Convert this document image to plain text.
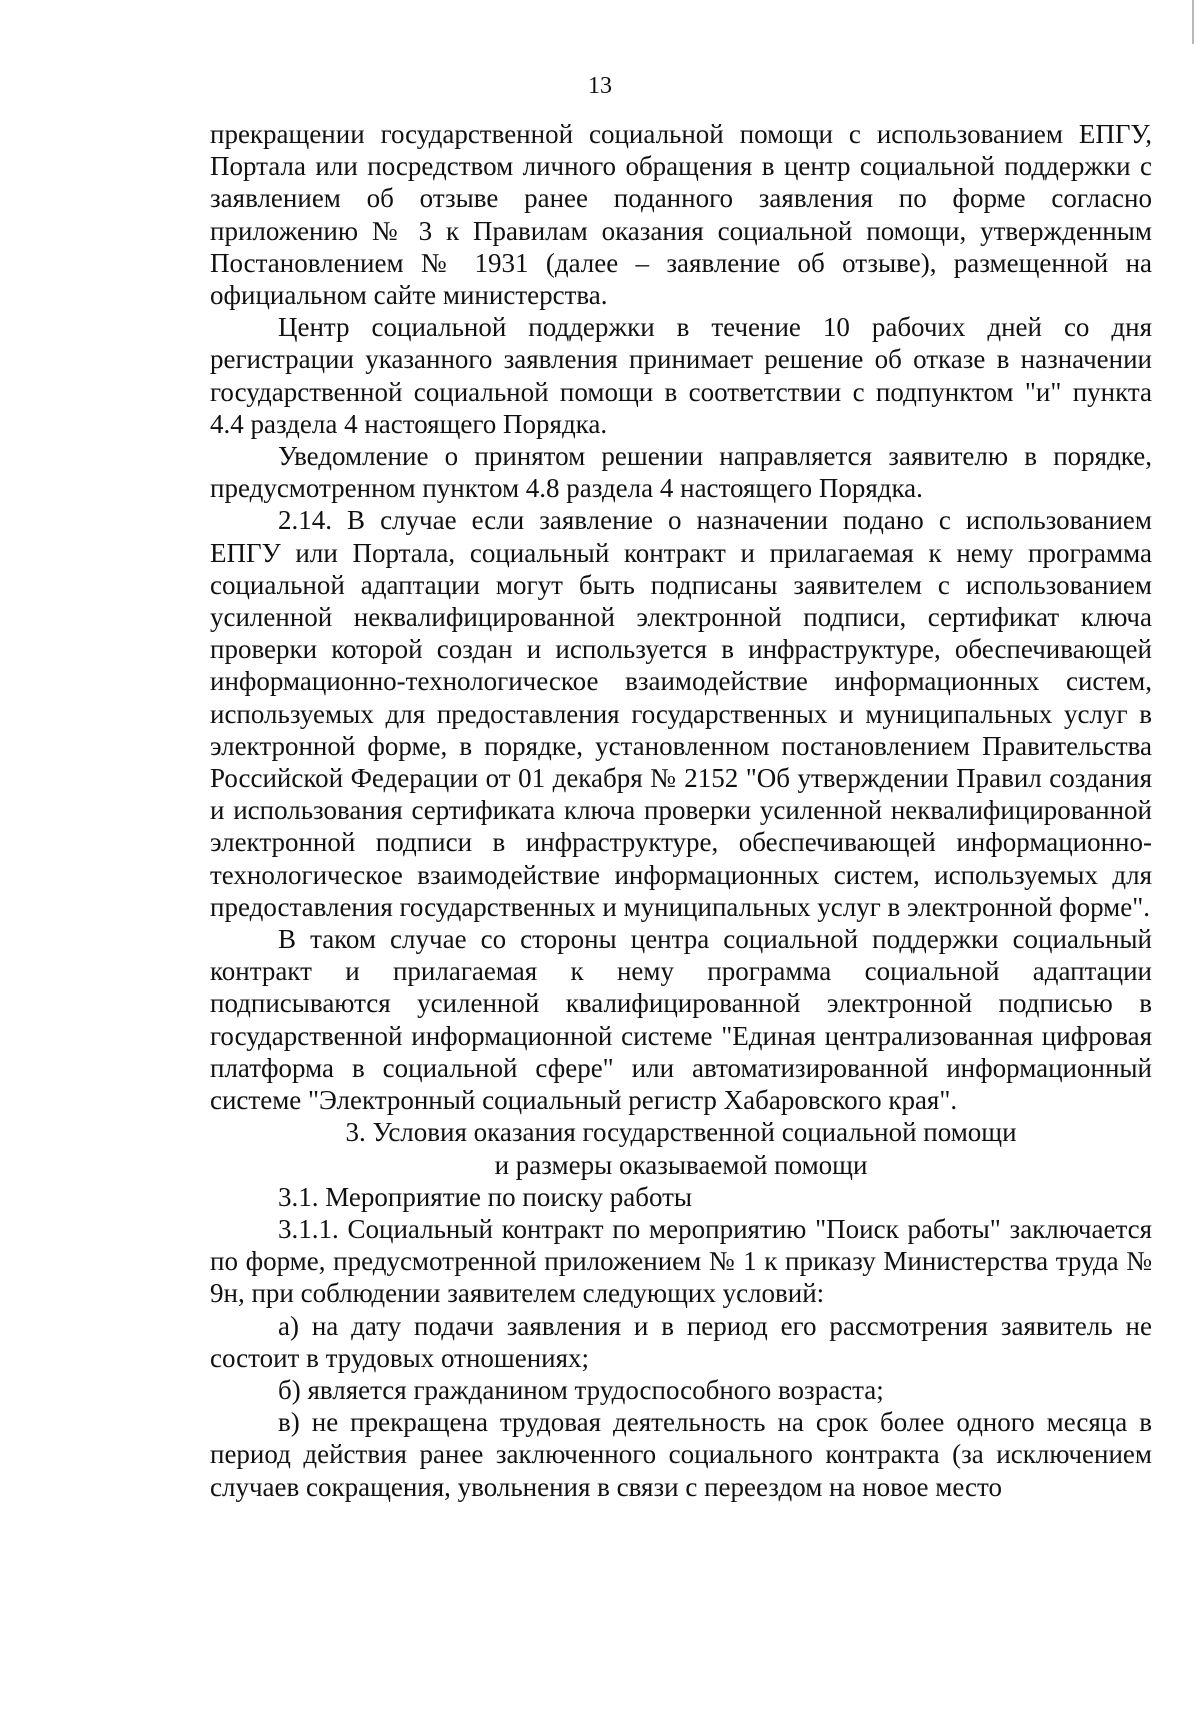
13

прекращении государственной социальной помощи с использованием ЕПГУ, Портала или посредством личного обращения в центр социальной поддержки с заявлением об отзыве ранее поданного заявления по форме согласно приложению № 3 к Правилам оказания социальной помощи, утвержденным Постановлением № 1931 (далее – заявление об отзыве), размещенной на официальном сайте министерства.

Центр социальной поддержки в течение 10 рабочих дней со дня регистрации указанного заявления принимает решение об отказе в назначении государственной социальной помощи в соответствии с подпунктом "и" пункта 4.4 раздела 4 настоящего Порядка.

Уведомление о принятом решении направляется заявителю в порядке, предусмотренном пунктом 4.8 раздела 4 настоящего Порядка.

2.14. В случае если заявление о назначении подано с использованием ЕПГУ или Портала, социальный контракт и прилагаемая к нему программа социальной адаптации могут быть подписаны заявителем с использованием усиленной неквалифицированной электронной подписи, сертификат ключа проверки которой создан и используется в инфраструктуре, обеспечивающей информационно-технологическое взаимодействие информационных систем, используемых для предоставления государственных и муниципальных услуг в электронной форме, в порядке, установленном постановлением Правительства Российской Федерации от 01 декабря № 2152 "Об утверждении Правил создания и использования сертификата ключа проверки усиленной неквалифицированной электронной подписи в инфраструктуре, обеспечивающей информационно-технологическое взаимодействие информационных систем, используемых для предоставления государственных и муниципальных услуг в электронной форме".

В таком случае со стороны центра социальной поддержки социальный контракт и прилагаемая к нему программа социальной адаптации подписываются усиленной квалифицированной электронной подписью в государственной информационной системе "Единая централизованная цифровая платформа в социальной сфере" или автоматизированной информационный системе "Электронный социальный регистр Хабаровского края".

3. Условия оказания государственной социальной помощи
и размеры оказываемой помощи

3.1. Мероприятие по поиску работы

3.1.1. Социальный контракт по мероприятию "Поиск работы" заключается по форме, предусмотренной приложением № 1 к приказу Министерства труда № 9н, при соблюдении заявителем следующих условий:

а) на дату подачи заявления и в период его рассмотрения заявитель не состоит в трудовых отношениях;

б) является гражданином трудоспособного возраста;

в) не прекращена трудовая деятельность на срок более одного месяца в период действия ранее заключенного социального контракта (за исключением случаев сокращения, увольнения в связи с переездом на новое место
